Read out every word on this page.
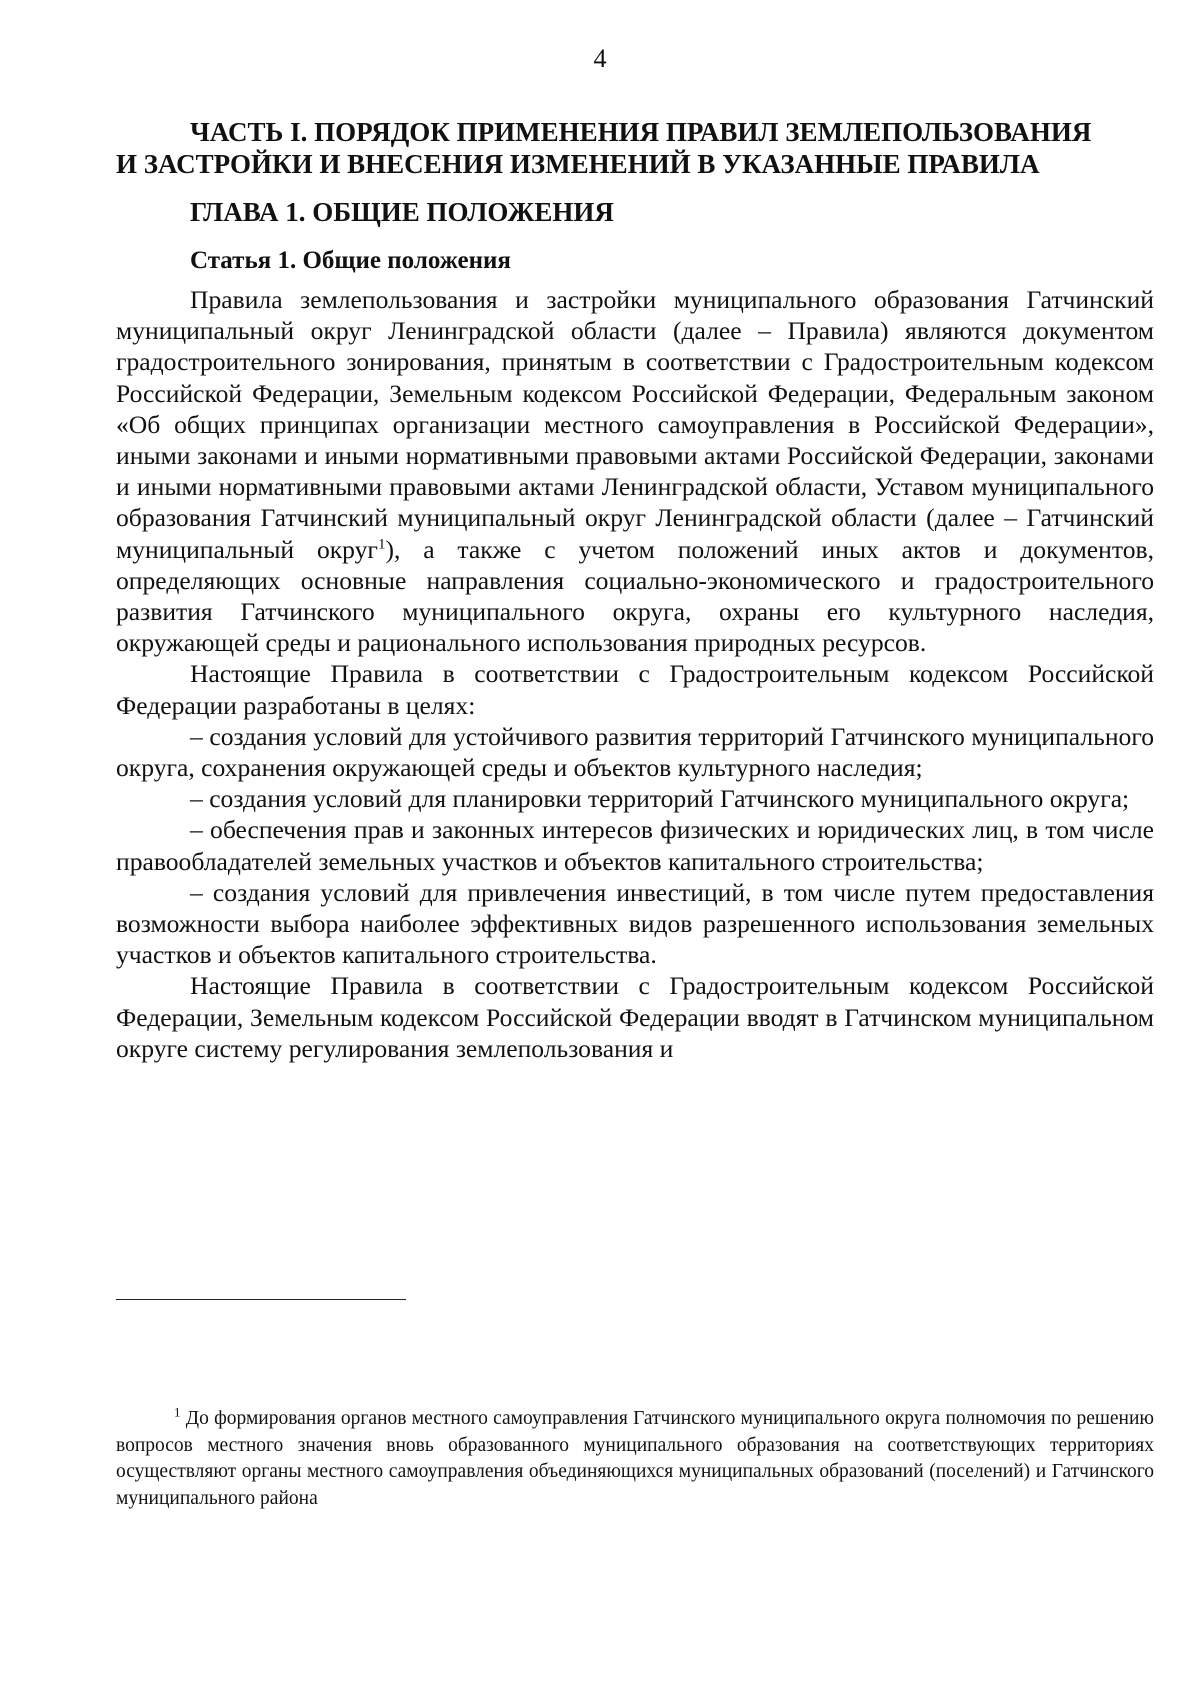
4
ЧАСТЬ I. ПОРЯДОК ПРИМЕНЕНИЯ ПРАВИЛ ЗЕМЛЕПОЛЬЗОВАНИЯ
И ЗАСТРОЙКИ И ВНЕСЕНИЯ ИЗМЕНЕНИЙ В УКАЗАННЫЕ ПРАВИЛА
ГЛАВА 1. ОБЩИЕ ПОЛОЖЕНИЯ
Статья 1. Общие положения

Правила землепользования и застройки муниципального образования Гатчинский муниципальный округ Ленинградской области (далее – Правила) являются документом градостроительного зонирования, принятым в соответствии с Градостроительным кодексом Российской Федерации, Земельным кодексом Российской Федерации, Федеральным законом «Об общих принципах организации местного самоуправления в Российской Федерации», иными законами и иными нормативными правовыми актами Российской Федерации, законами и иными нормативными правовыми актами Ленинградской области, Уставом муниципального образования Гатчинский муниципальный округ Ленинградской области (далее – Гатчинский муниципальный округ$^1$), а также с учетом положений иных актов и документов, определяющих основные направления социально-экономического и градостроительного развития Гатчинского муниципального округа, охраны его культурного наследия, окружающей среды и рационального использования природных ресурсов.

Настоящие Правила в соответствии с Градостроительным кодексом Российской Федерации разработаны в целях:

– создания условий для устойчивого развития территорий Гатчинского муниципального округа, сохранения окружающей среды и объектов культурного наследия;

– создания условий для планировки территорий Гатчинского муниципального округа;

– обеспечения прав и законных интересов физических и юридических лиц, в том числе правообладателей земельных участков и объектов капитального строительства;

– создания условий для привлечения инвестиций, в том числе путем предоставления возможности выбора наиболее эффективных видов разрешенного использования земельных участков и объектов капитального строительства.

Настоящие Правила в соответствии с Градостроительным кодексом Российской Федерации, Земельным кодексом Российской Федерации вводят в Гатчинском муниципальном округе систему регулирования землепользования и

$^1$ До формирования органов местного самоуправления Гатчинского муниципального округа полномочия по решению вопросов местного значения вновь образованного муниципального образования на соответствующих территориях осуществляют органы местного самоуправления объединяющихся муниципальных образований (поселений) и Гатчинского муниципального района
